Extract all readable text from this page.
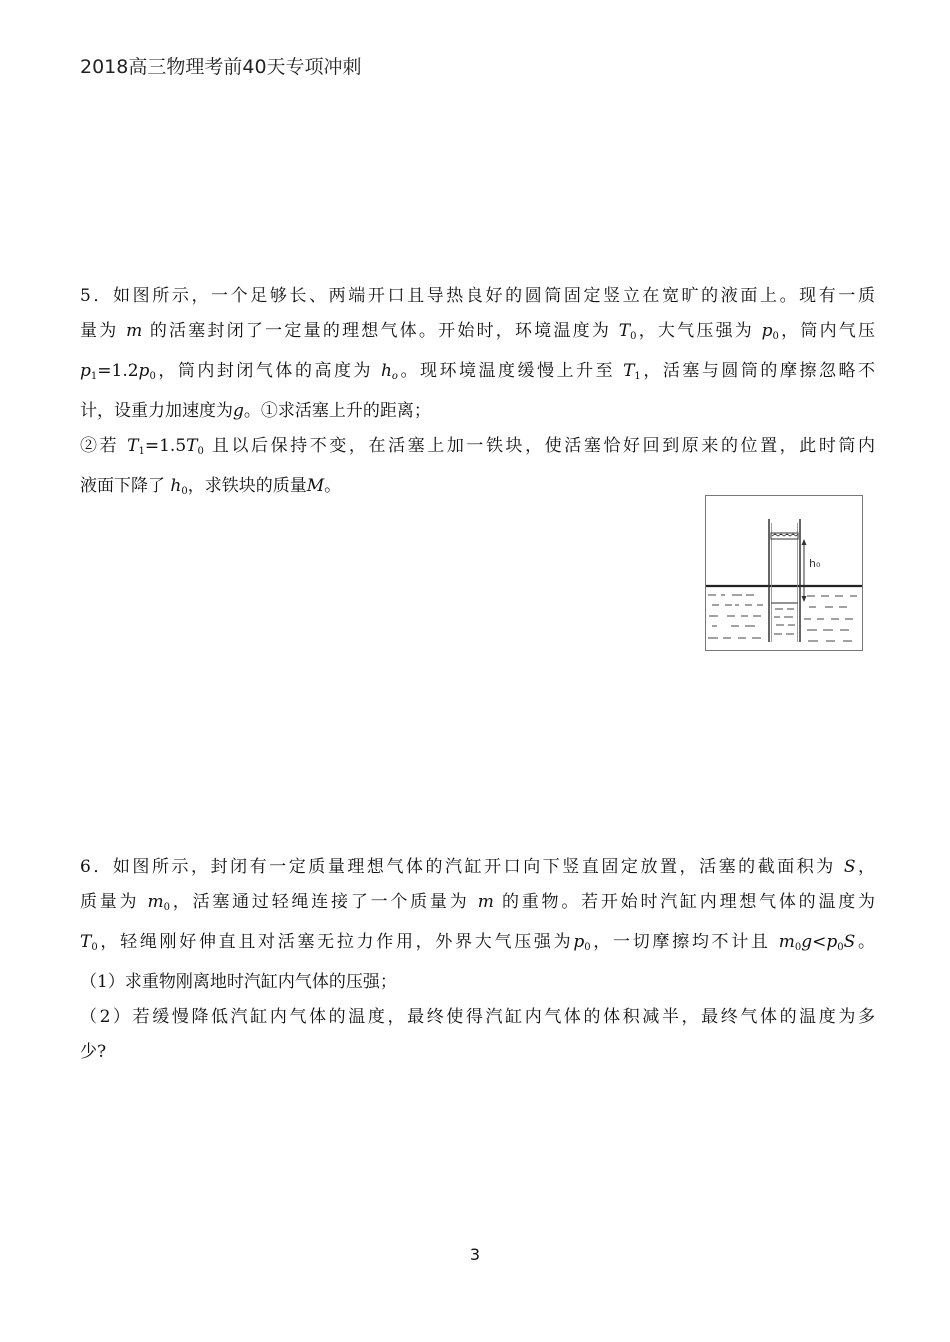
2018高三物理考前40天专项冲刺
5．如图所示，一个足够长、两端开口且导热良好的圆筒固定竖立在宽旷的液面上。现有一质
量为 m 的活塞封闭了一定量的理想气体。开始时，环境温度为 $T_0$，大气压强为 $p_0$，筒内气压
$p_1=1.2p_0$，筒内封闭气体的高度为 $h_o$。现环境温度缓慢上升至 $T_1$，活塞与圆筒的摩擦忽略不
计，设重力加速度为g。①求活塞上升的距离；
②若 $T_1=1.5T_0$ 且以后保持不变，在活塞上加一铁块，使活塞恰好回到原来的位置，此时筒内
液面下降了 $h_0$，求铁块的质量M。
h₀
6．如图所示，封闭有一定质量理想气体的汽缸开口向下竖直固定放置，活塞的截面积为 S，
质量为 $m_0$，活塞通过轻绳连接了一个质量为 m 的重物。若开始时汽缸内理想气体的温度为
$T_0$，轻绳刚好伸直且对活塞无拉力作用，外界大气压强为$p_0$，一切摩擦均不计且 $m_0g<p_0S$。
（1）求重物刚离地时汽缸内气体的压强；
（2）若缓慢降低汽缸内气体的温度，最终使得汽缸内气体的体积减半，最终气体的温度为多
少?
3
